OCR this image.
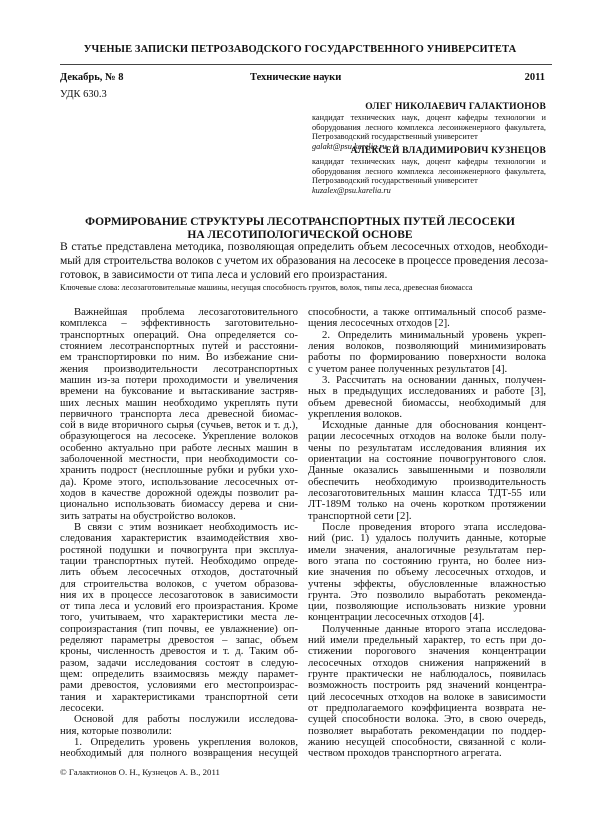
УЧЕНЫЕ ЗАПИСКИ ПЕТРОЗАВОДСКОГО ГОСУДАРСТВЕННОГО УНИВЕРСИТЕТА
Декабрь, № 8	Технические науки	2011
УДК 630.3
ОЛЕГ НИКОЛАЕВИЧ ГАЛАКТИОНОВ
кандидат технических наук, доцент кафедры технологии и оборудования лесного комплекса лесоинженерного факультета, Петрозаводский государственный университет
galakt@psu.karelia.ru
АЛЕКСЕЙ ВЛАДИМИРОВИЧ КУЗНЕЦОВ
кандидат технических наук, доцент кафедры технологии и оборудования лесного комплекса лесоинженерного факультета, Петрозаводский государственный университет
kuzalex@psu.karelia.ru
ФОРМИРОВАНИЕ СТРУКТУРЫ ЛЕСОТРАНСПОРТНЫХ ПУТЕЙ ЛЕСОСЕКИ
НА ЛЕСОТИПОЛОГИЧЕСКОЙ ОСНОВЕ
В статье представлена методика, позволяющая определить объем лесосечных отходов, необходи-
мый для строительства волоков с учетом их образования на лесосеке в процессе проведения лесоза-
готовок, в зависимости от типа леса и условий его произрастания.
Ключевые слова: лесозаготовительные машины, несущая способность грунтов, волок, типы леса, древесная биомасса
Важнейшая проблема лесозаготовительного
комплекса – эффективность заготовительно-
транспортных операций. Она определяется со-
стоянием лесотранспортных путей и расстояни-
ем транспортировки по ним. Во избежание сни-
жения производительности лесотранспортных
машин из-за потери проходимости и увеличения
времени на буксование и вытаскивание застряв-
ших лесных машин необходимо укреплять пути
первичного транспорта леса древесной биомас-
сой в виде вторичного сырья (сучьев, веток и т. д.),
образующегося на лесосеке. Укрепление волоков
особенно актуально при работе лесных машин в
заболоченной местности, при необходимости со-
хранить подрост (несплошные рубки и рубки ухо-
да). Кроме этого, использование лесосечных от-
ходов в качестве дорожной одежды позволит ра-
ционально использовать биомассу дерева и сни-
зить затраты на обустройство волоков.
В связи с этим возникает необходимость ис-
следования характеристик взаимодействия хво-
ростяной подушки и почвогрунта при эксплуа-
тации транспортных путей. Необходимо опреде-
лить объем лесосечных отходов, достаточный
для строительства волоков, с учетом образова-
ния их в процессе лесозаготовок в зависимости
от типа леса и условий его произрастания. Кроме
того, учитываем, что характеристики места ле-
сопроизрастания (тип почвы, ее увлажнение) оп-
ределяют параметры древостоя – запас, объем
кроны, численность древостоя и т. д. Таким об-
разом, задачи исследования состоят в следую-
щем: определить взаимосвязь между парамет-
рами древостоя, условиями его местопроизрас-
тания и характеристиками транспортной сети
лесосеки.
Основой для работы послужили исследова-
ния, которые позволили:
1. Определить уровень укрепления волоков,
необходимый для полного возвращения несущей
способности, а также оптимальный способ разме-
щения лесосечных отходов [2].
2. Определить минимальный уровень укреп-
ления волоков, позволяющий минимизировать
работы по формированию поверхности волока
с учетом ранее полученных результатов [4].
3. Рассчитать на основании данных, получен-
ных в предыдущих исследованиях и работе [3],
объем древесной биомассы, необходимый для
укрепления волоков.
Исходные данные для обоснования концент-
рации лесосечных отходов на волоке были полу-
чены по результатам исследования влияния их
ориентации на состояние почвогрунтового слоя.
Данные оказались завышенными и позволяли
обеспечить необходимую производительность
лесозаготовительных машин класса ТДТ-55 или
ЛТ-189М только на очень коротком протяжении
транспортной сети [2].
После проведения второго этапа исследова-
ний (рис. 1) удалось получить данные, которые
имели значения, аналогичные результатам пер-
вого этапа по состоянию грунта, но более низ-
кие значения по объему лесосечных отходов, и
учтены эффекты, обусловленные влажностью
грунта. Это позволило выработать рекоменда-
ции, позволяющие использовать низкие уровни
концентрации лесосечных отходов [4].
Полученные данные второго этапа исследова-
ний имели предельный характер, то есть при до-
стижении порогового значения концентрации
лесосечных отходов снижения напряжений в
грунте практически не наблюдалось, появилась
возможность построить ряд значений концентра-
ций лесосечных отходов на волоке в зависимости
от предполагаемого коэффициента возврата не-
сущей способности волока. Это, в свою очередь,
позволяет выработать рекомендации по поддер-
жанию несущей способности, связанной с коли-
чеством проходов транспортного агрегата.
© Галактионов О. Н., Кузнецов А. В., 2011
